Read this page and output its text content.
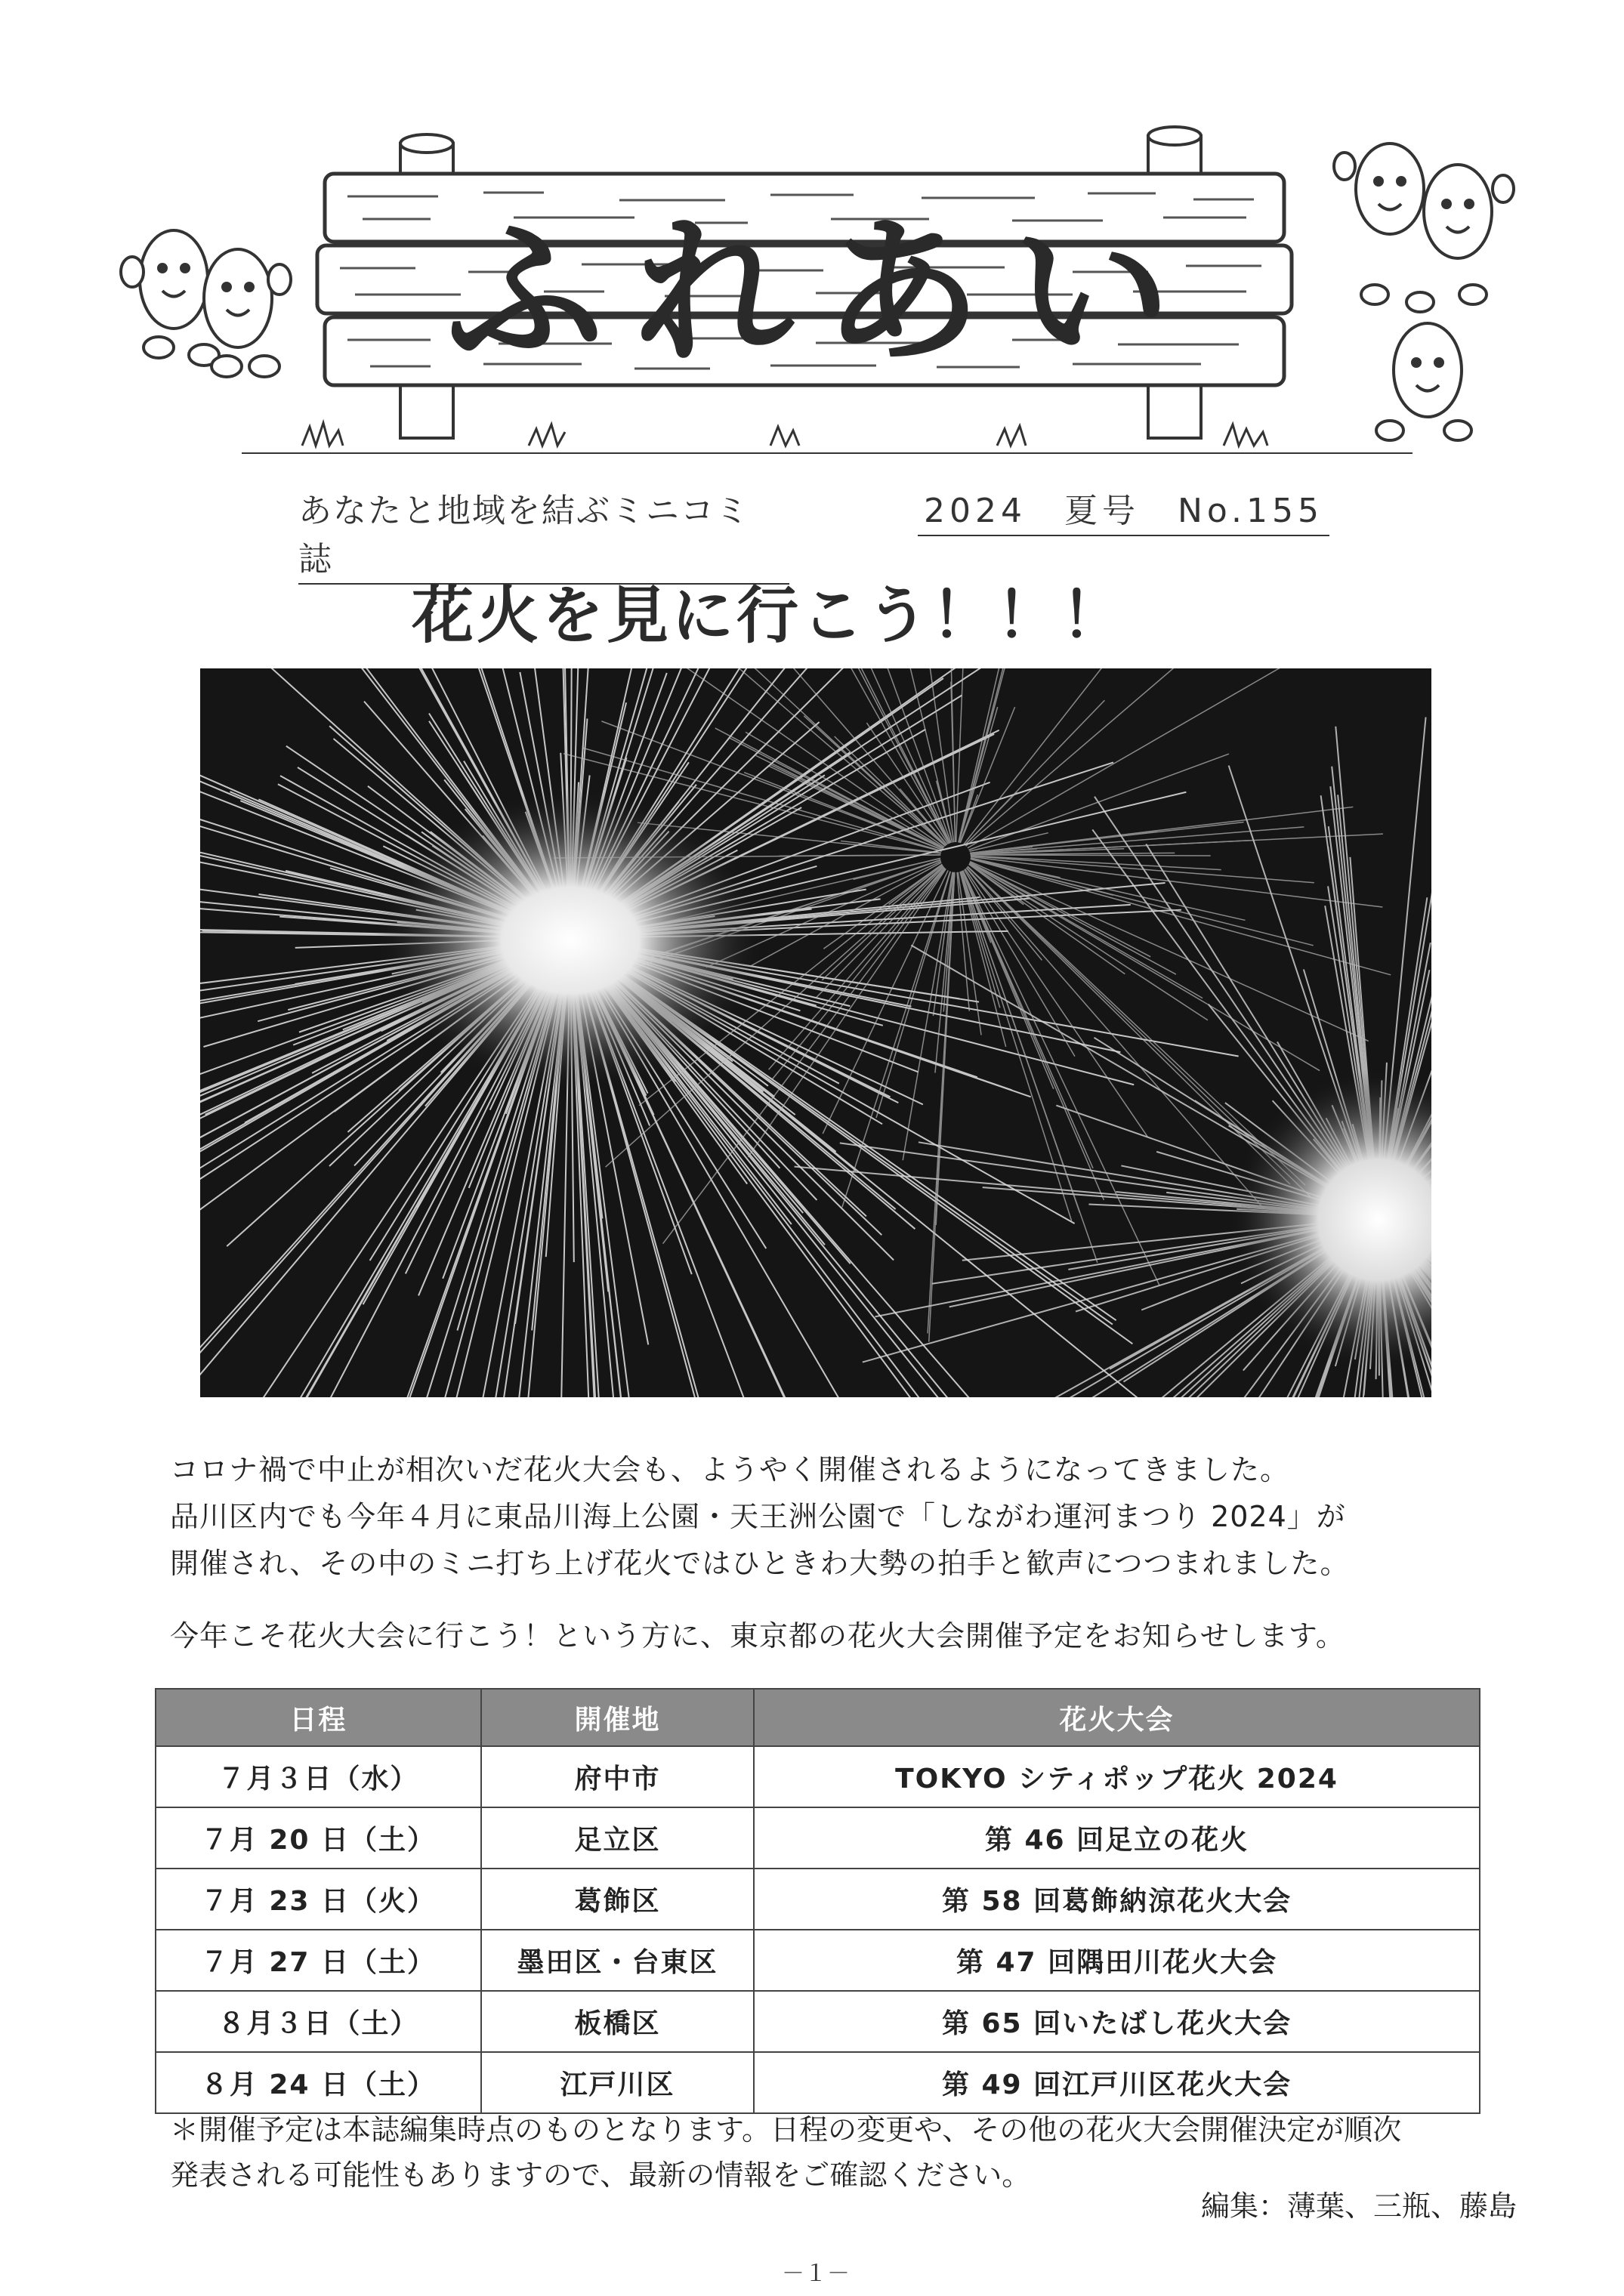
ふれあい
あなたと地域を結ぶミニコミ誌
2024　夏号　No.155
花火を見に行こう！！！
コロナ禍で中止が相次いだ花火大会も、ようやく開催されるようになってきました。
品川区内でも今年４月に東品川海上公園・天王洲公園で「しながわ運河まつり 2024」が
開催され、その中のミニ打ち上げ花火ではひときわ大勢の拍手と歓声につつまれました。
今年こそ花火大会に行こう！という方に、東京都の花火大会開催予定をお知らせします。
日程	開催地	花火大会
７月３日（水）	府中市	TOKYO シティポップ花火 2024
７月 20 日（土）	足立区	第 46 回足立の花火
７月 23 日（火）	葛飾区	第 58 回葛飾納涼花火大会
７月 27 日（土）	墨田区・台東区	第 47 回隅田川花火大会
８月３日（土）	板橋区	第 65 回いたばし花火大会
８月 24 日（土）	江戸川区	第 49 回江戸川区花火大会
＊開催予定は本誌編集時点のものとなります。日程の変更や、その他の花火大会開催決定が順次
発表される可能性もありますので、最新の情報をご確認ください。
編集：薄葉、三瓶、藤島
－１－
